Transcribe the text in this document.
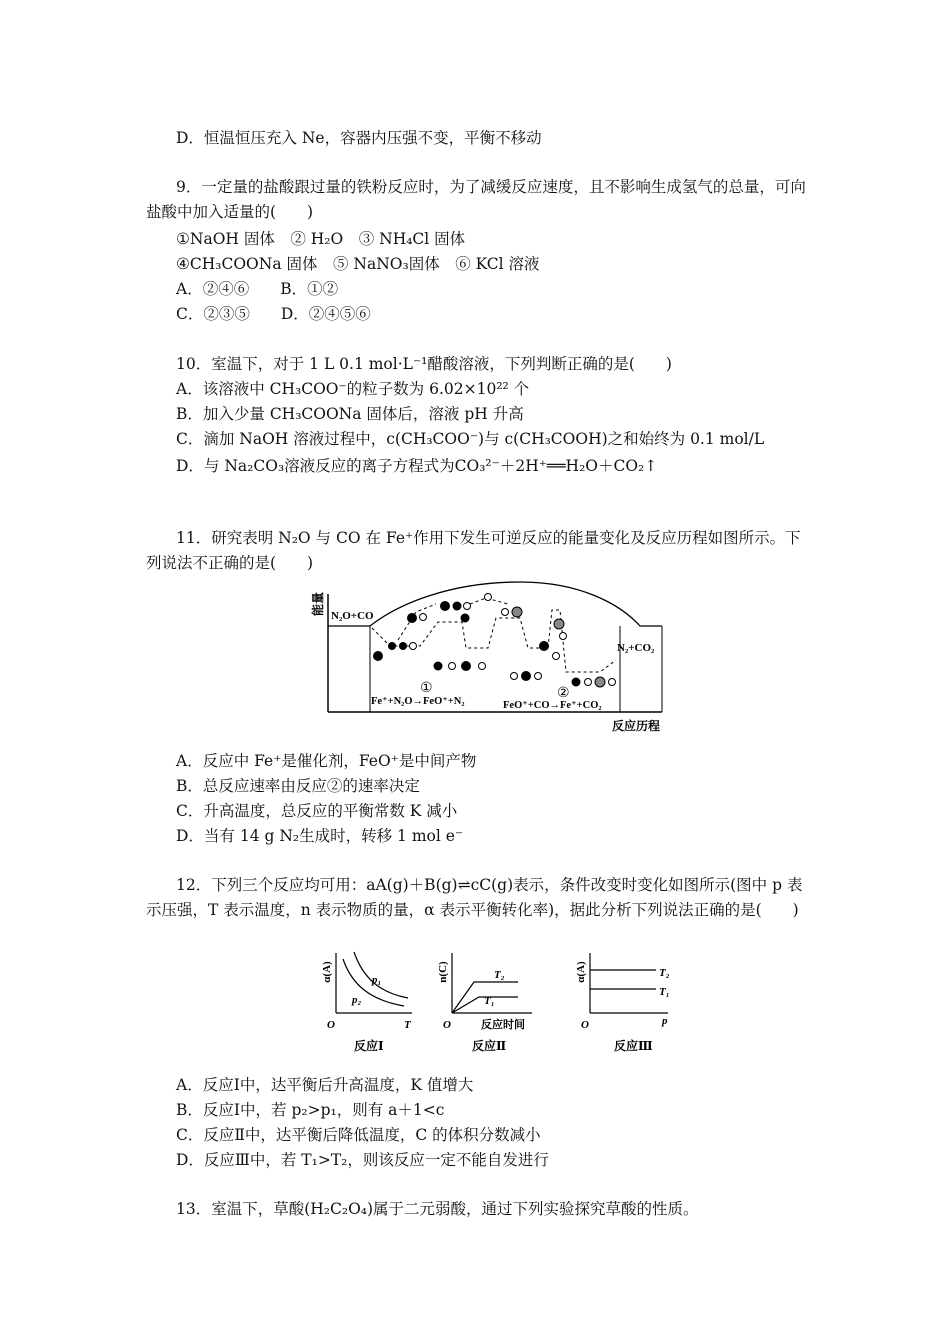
D．恒温恒压充入 Ne，容器内压强不变，平衡不移动
9．一定量的盐酸跟过量的铁粉反应时，为了减缓反应速度，且不影响生成氢气的总量，可向盐酸中加入适量的(　　)
①NaOH 固体　② H₂O　③ NH₄Cl 固体
④CH₃COONa 固体　⑤ NaNO₃固体　⑥ KCl 溶液
A．②④⑥　　B．①②
C．②③⑤　　D．②④⑤⑥
10．室温下，对于 1 L 0.1 mol·L⁻¹醋酸溶液，下列判断正确的是(　　)
A．该溶液中 CH₃COO⁻的粒子数为 6.02×10²² 个
B．加入少量 CH₃COONa 固体后，溶液 pH 升高
C．滴加 NaOH 溶液过程中，c(CH₃COO⁻)与 c(CH₃COOH)之和始终为 0.1 mol/L
D．与 Na₂CO₃溶液反应的离子方程式为CO₃²⁻＋2H⁺══H₂O＋CO₂↑
11．研究表明 N₂O 与 CO 在 Fe⁺作用下发生可逆反应的能量变化及反应历程如图所示。下列说法不正确的是(　　)
能量 N₂O+CO
N₂+CO₂
①
Fe⁺+N₂O→FeO⁺+N₂
②
FeO⁺+CO→Fe⁺+CO₂
反应历程
A．反应中 Fe⁺是催化剂，FeO⁺是中间产物
B．总反应速率由反应②的速率决定
C．升高温度，总反应的平衡常数 K 减小
D．当有 14 g N₂生成时，转移 1 mol e⁻
12．下列三个反应均可用：aA(g)＋B(g)⇌cC(g)表示，条件改变时变化如图所示(图中 p 表示压强，T 表示温度，n 表示物质的量，α 表示平衡转化率)，据此分析下列说法正确的是(　　)
α(A)	p₁
p₂
O	T
反应Ⅰ
n(C)	T₂
T₁
O	反应时间
反应Ⅱ
α(A)	T₂
T₁
O	p
反应Ⅲ
A．反应Ⅰ中，达平衡后升高温度，K 值增大
B．反应Ⅰ中，若 p₂>p₁，则有 a＋1<c
C．反应Ⅱ中，达平衡后降低温度，C 的体积分数减小
D．反应Ⅲ中，若 T₁>T₂，则该反应一定不能自发进行
13．室温下，草酸(H₂C₂O₄)属于二元弱酸，通过下列实验探究草酸的性质。
